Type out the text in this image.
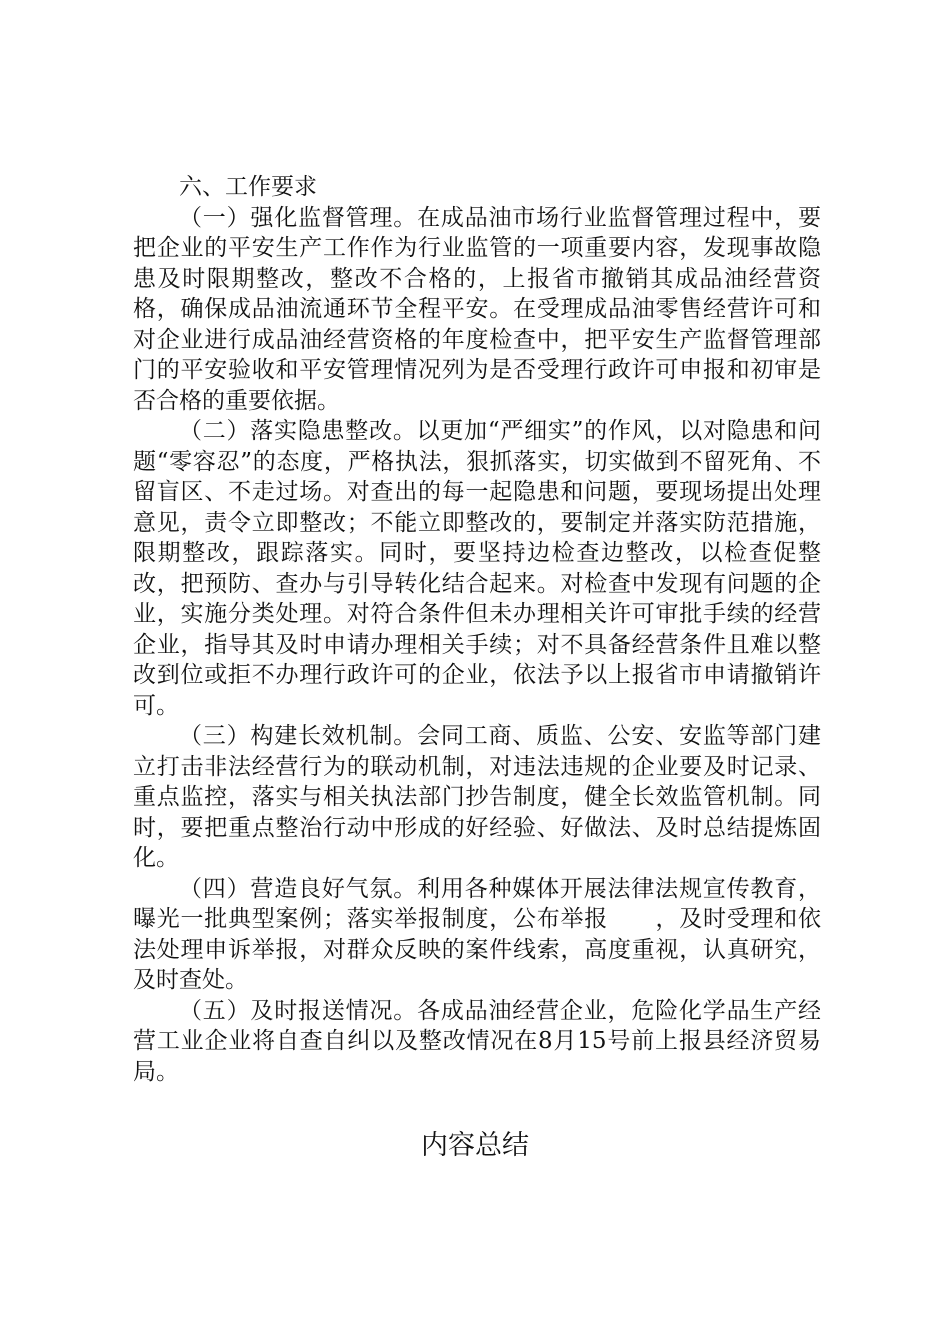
六、工作要求

（一）强化监督管理。在成品油市场行业监督管理过程中，要把企业的平安生产工作作为行业监管的一项重要内容，发现事故隐患及时限期整改，整改不合格的，上报省市撤销其成品油经营资格，确保成品油流通环节全程平安。在受理成品油零售经营许可和对企业进行成品油经营资格的年度检查中，把平安生产监督管理部门的平安验收和平安管理情况列为是否受理行政许可申报和初审是否合格的重要依据。

（二）落实隐患整改。以更加“严细实”的作风，以对隐患和问题“零容忍”的态度，严格执法，狠抓落实，切实做到不留死角、不留盲区、不走过场。对查出的每一起隐患和问题，要现场提出处理意见，责令立即整改；不能立即整改的，要制定并落实防范措施，限期整改，跟踪落实。同时，要坚持边检查边整改，以检查促整改，把预防、查办与引导转化结合起来。对检查中发现有问题的企业，实施分类处理。对符合条件但未办理相关许可审批手续的经营企业，指导其及时申请办理相关手续；对不具备经营条件且难以整改到位或拒不办理行政许可的企业，依法予以上报省市申请撤销许可。

（三）构建长效机制。会同工商、质监、公安、安监等部门建立打击非法经营行为的联动机制，对违法违规的企业要及时记录、重点监控，落实与相关执法部门抄告制度，健全长效监管机制。同时，要把重点整治行动中形成的好经验、好做法、及时总结提炼固化。

（四）营造良好气氛。利用各种媒体开展法律法规宣传教育，曝光一批典型案例；落实举报制度，公布举报　　，及时受理和依法处理申诉举报，对群众反映的案件线索，高度重视，认真研究，及时查处。

（五）及时报送情况。各成品油经营企业，危险化学品生产经营工业企业将自查自纠以及整改情况在8月15号前上报县经济贸易局。

内容总结
